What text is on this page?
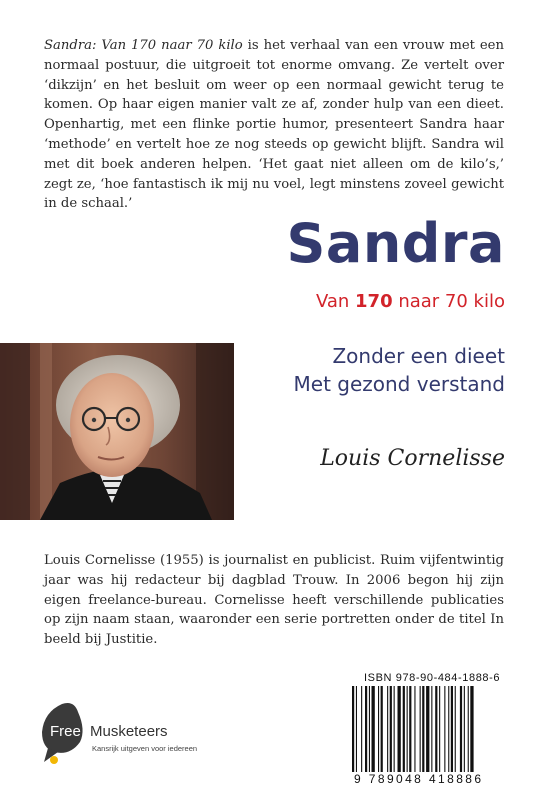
Sandra: Van 170 naar 70 kilo is het verhaal van een vrouw met een normaal postuur, die uitgroeit tot enorme omvang. Ze vertelt over ‘dikzijn’ en het besluit om weer op een normaal gewicht terug te komen. Op haar eigen manier valt ze af, zonder hulp van een dieet. Openhartig, met een flinke portie humor, presenteert Sandra haar ‘methode’ en vertelt hoe ze nog steeds op gewicht blijft. Sandra wil met dit boek anderen helpen. ‘Het gaat niet alleen om de kilo’s,’ zegt ze, ‘hoe fantastisch ik mij nu voel, legt minstens zoveel gewicht in de schaal.’
Sandra
Van 170 naar 70 kilo
Zonder een dieet
Met gezond verstand
Louis Cornelisse
Louis Cornelisse (1955) is journalist en publicist. Ruim vijfentwintig jaar was hij redacteur bij dagblad Trouw. In 2006 begon hij zijn eigen freelance-bureau. Cornelisse heeft verschillende publicaties op zijn naam staan, waaronder een serie portretten onder de titel In beeld bij Justitie.
ISBN 978-90-484-1888-6
9 789048 418886
Free Musketeers
Kansrijk uitgeven voor iedereen
